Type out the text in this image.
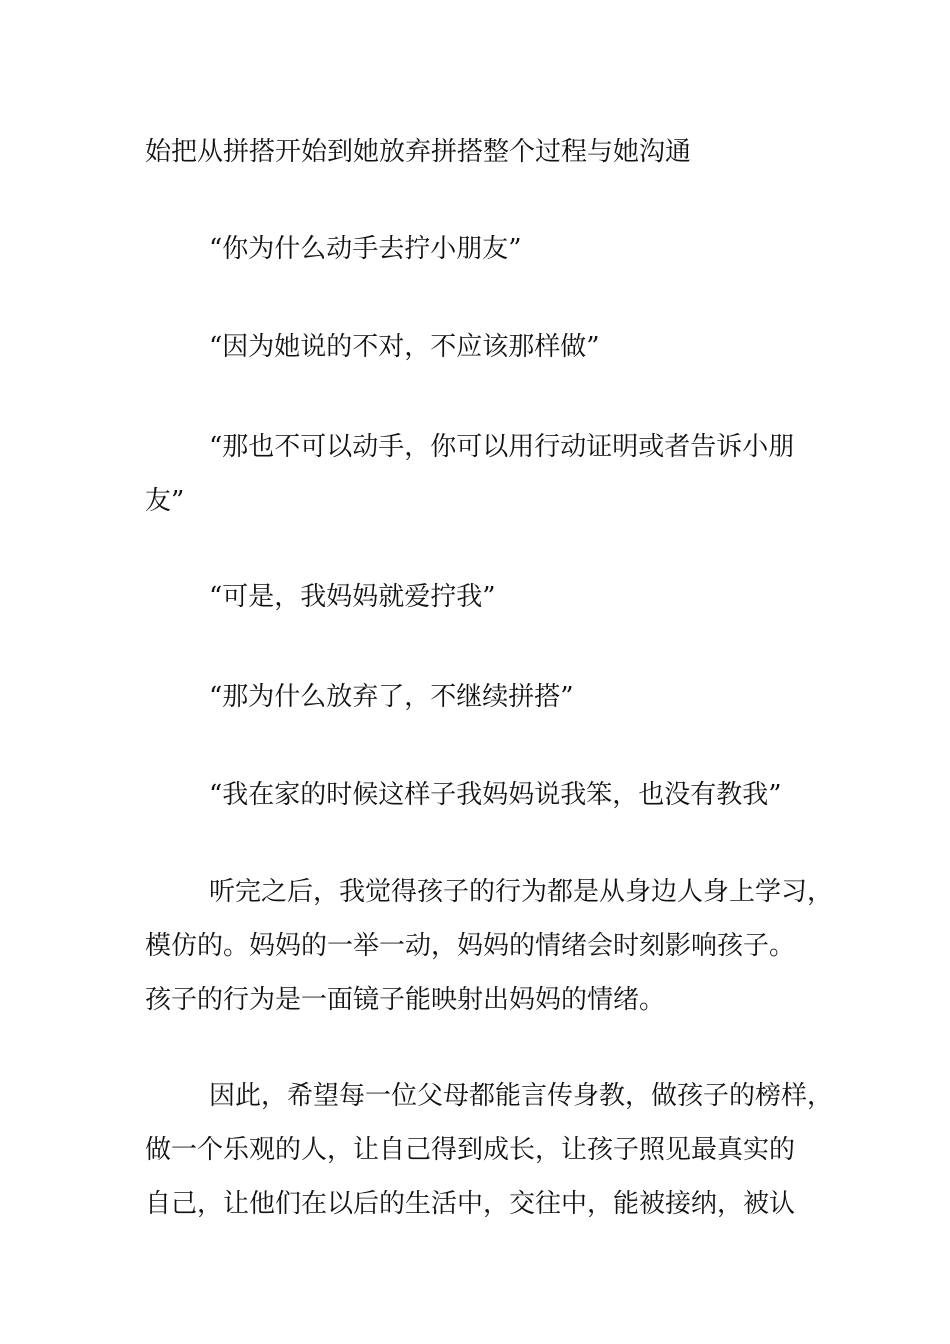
始把从拼搭开始到她放弃拼搭整个过程与她沟通

“你为什么动手去拧小朋友”

“因为她说的不对，不应该那样做”

“那也不可以动手，你可以用行动证明或者告诉小朋
友”

“可是，我妈妈就爱拧我”

“那为什么放弃了，不继续拼搭”

“我在家的时候这样子我妈妈说我笨，也没有教我”

听完之后，我觉得孩子的行为都是从身边人身上学习，
模仿的。妈妈的一举一动，妈妈的情绪会时刻影响孩子。
孩子的行为是一面镜子能映射出妈妈的情绪。

因此，希望每一位父母都能言传身教，做孩子的榜样，
做一个乐观的人，让自己得到成长，让孩子照见最真实的
自己，让他们在以后的生活中，交往中，能被接纳，被认
